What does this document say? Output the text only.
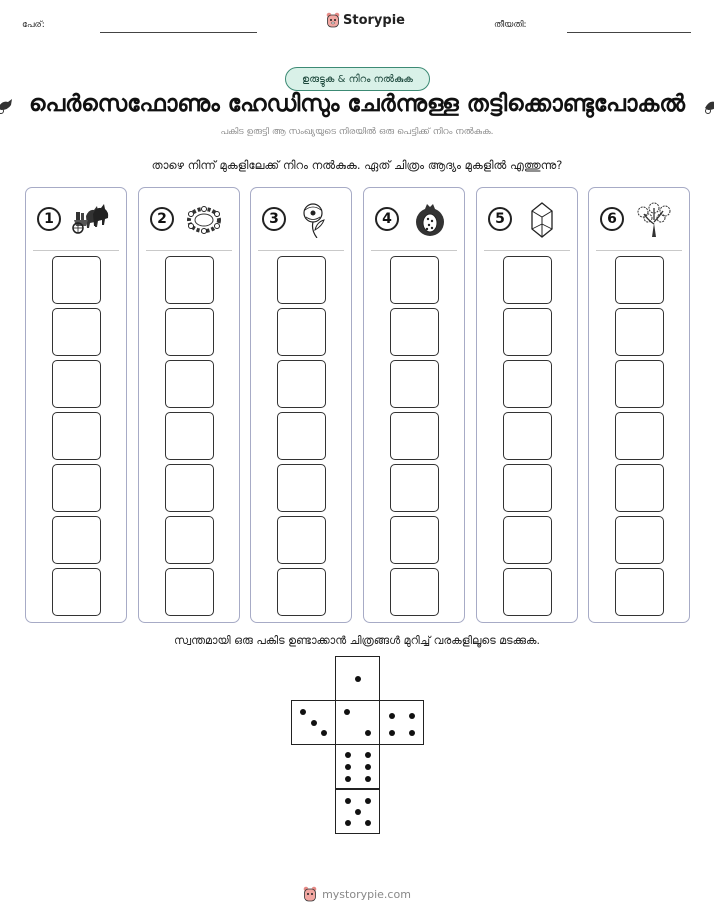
പേര്:	Storypie	തീയതി:
ഉരുട്ടുക & നിറം നൽകുക
പെർസെഫോണും ഹേഡിസും ചേർന്നുള്ള തട്ടിക്കൊണ്ടുപോകൽ
പകിട ഉരുട്ടി ആ സംഖ്യയുടെ നിരയിൽ ഒരു പെട്ടിക്ക് നിറം നൽകുക.
താഴെ നിന്ന് മുകളിലേക്ക് നിറം നൽകുക. ഏത് ചിത്രം ആദ്യം മുകളിൽ എത്തുന്നു?
1	2	3	4	5	6
സ്വന്തമായി ഒരു പകിട ഉണ്ടാക്കാൻ ചിത്രങ്ങൾ മുറിച്ച് വരകളിലൂടെ മടക്കുക.
mystorypie.com
